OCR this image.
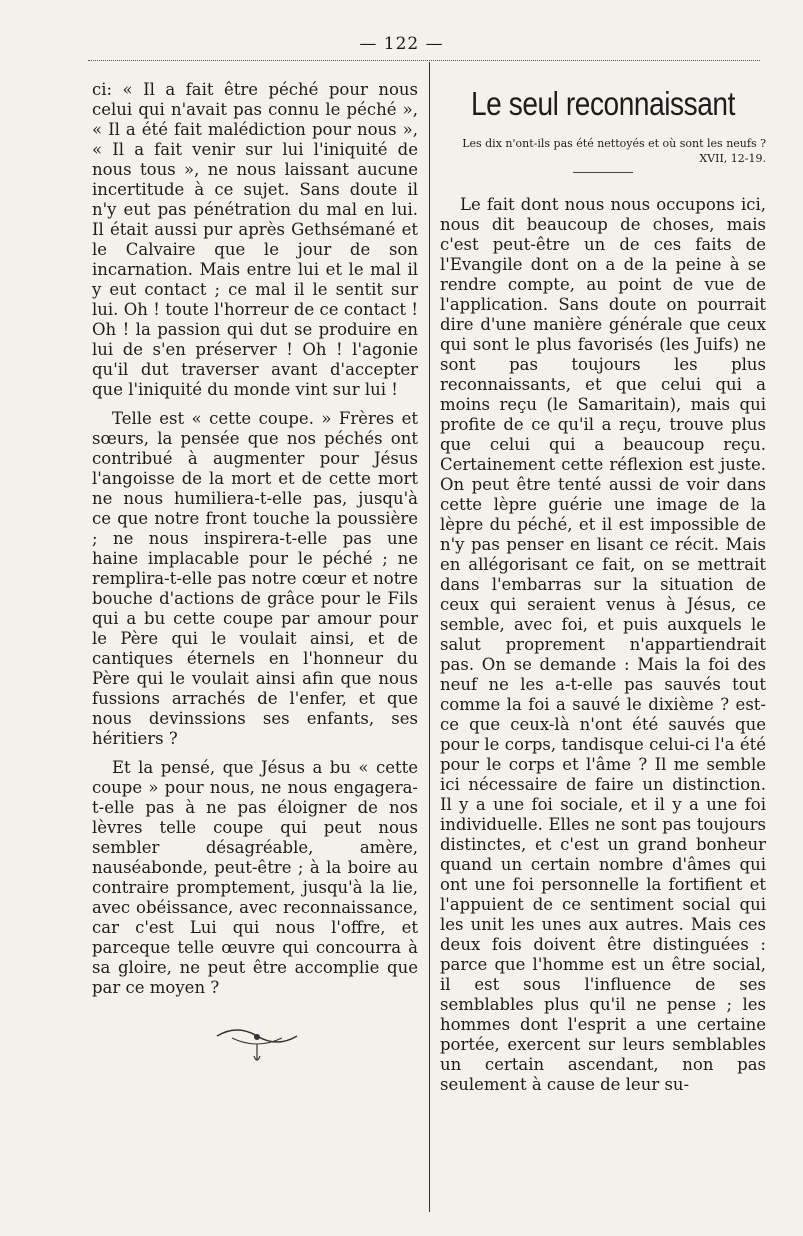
— 122 —

ci: « Il a fait être péché pour nous celui qui n'avait pas connu le péché », « Il a été fait malédiction pour nous », « Il a fait venir sur lui l'iniquité de nous tous », ne nous laissant aucune incertitude à ce sujet. Sans doute il n'y eut pas pénétration du mal en lui. Il était aussi pur après Gethsémané et le Calvaire que le jour de son incarnation. Mais entre lui et le mal il y eut contact ; ce mal il le sentit sur lui. Oh ! toute l'horreur de ce contact ! Oh ! la passion qui dut se produire en lui de s'en préserver ! Oh ! l'agonie qu'il dut traverser avant d'accepter que l'iniquité du monde vint sur lui !

Telle est « cette coupe. » Frères et sœurs, la pensée que nos péchés ont contribué à augmenter pour Jésus l'angoisse de la mort et de cette mort ne nous humiliera-t-elle pas, jusqu'à ce que notre front touche la poussière ; ne nous inspirera-t-elle pas une haine implacable pour le péché ; ne remplira-t-elle pas notre cœur et notre bouche d'actions de grâce pour le Fils qui a bu cette coupe par amour pour le Père qui le voulait ainsi, et de cantiques éternels en l'honneur du Père qui le voulait ainsi afin que nous fussions arrachés de l'enfer, et que nous devinssions ses enfants, ses héritiers ?

Et la pensé, que Jésus a bu « cette coupe » pour nous, ne nous engagera-t-elle pas à ne pas éloigner de nos lèvres telle coupe qui peut nous sembler désagréable, amère, nauséabonde, peut-être ; à la boire au contraire promptement, jusqu'à la lie, avec obéissance, avec reconnaissance, car c'est Lui qui nous l'offre, et parceque telle œuvre qui concourra à sa gloire, ne peut être accomplie que par ce moyen ?

Le seul reconnaissant
Les dix n'ont-ils pas été nettoyés et où sont les neufs ? XVII, 12-19.

Le fait dont nous nous occupons ici, nous dit beaucoup de choses, mais c'est peut-être un de ces faits de l'Evangile dont on a de la peine à se rendre compte, au point de vue de l'application. Sans doute on pourrait dire d'une manière générale que ceux qui sont le plus favorisés (les Juifs) ne sont pas toujours les plus reconnaissants, et que celui qui a moins reçu (le Samaritain), mais qui profite de ce qu'il a reçu, trouve plus que celui qui a beaucoup reçu. Certainement cette réflexion est juste. On peut être tenté aussi de voir dans cette lèpre guérie une image de la lèpre du péché, et il est impossible de n'y pas penser en lisant ce récit. Mais en allégorisant ce fait, on se mettrait dans l'embarras sur la situation de ceux qui seraient venus à Jésus, ce semble, avec foi, et puis auxquels le salut proprement n'appartiendrait pas. On se demande : Mais la foi des neuf ne les a-t-elle pas sauvés tout comme la foi a sauvé le dixième ? est-ce que ceux-là n'ont été sauvés que pour le corps, tandisque celui-ci l'a été pour le corps et l'âme ? Il me semble ici nécessaire de faire un distinction. Il y a une foi sociale, et il y a une foi individuelle. Elles ne sont pas toujours distinctes, et c'est un grand bonheur quand un certain nombre d'âmes qui ont une foi personnelle la fortifient et l'appuient de ce sentiment social qui les unit les unes aux autres. Mais ces deux fois doivent être distinguées : parce que l'homme est un être social, il est sous l'influence de ses semblables plus qu'il ne pense ; les hommes dont l'esprit a une certaine portée, exercent sur leurs semblables un certain ascendant, non pas seulement à cause de leur su-
